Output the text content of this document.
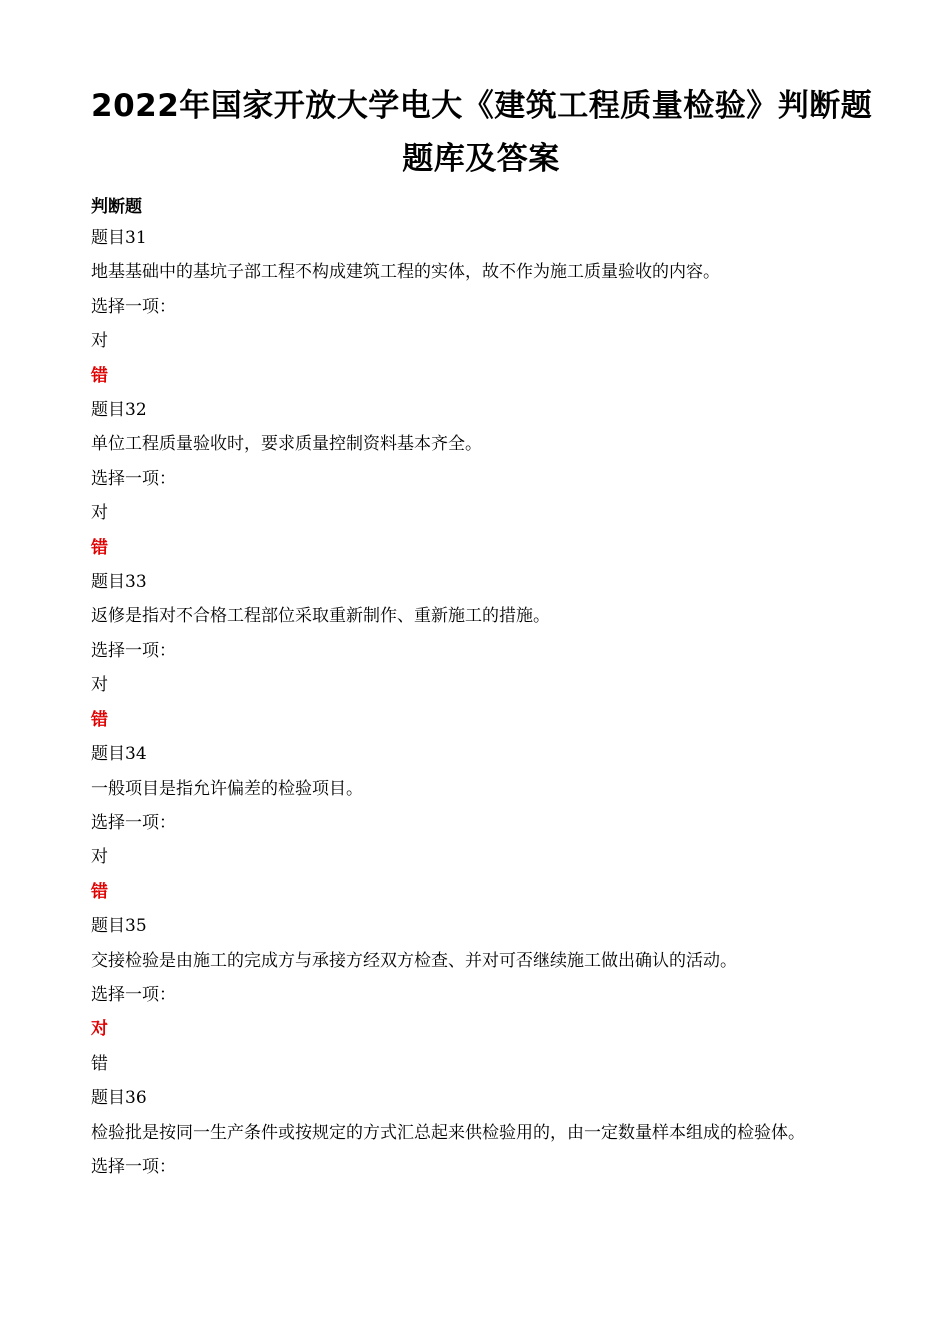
2022年国家开放大学电大《建筑工程质量检验》判断题
题库及答案
判断题
题目31
地基基础中的基坑子部工程不构成建筑工程的实体，故不作为施工质量验收的内容。
选择一项：
对
错
题目32
单位工程质量验收时，要求质量控制资料基本齐全。
选择一项：
对
错
题目33
返修是指对不合格工程部位采取重新制作、重新施工的措施。
选择一项：
对
错
题目34
一般项目是指允许偏差的检验项目。
选择一项：
对
错
题目35
交接检验是由施工的完成方与承接方经双方检查、并对可否继续施工做出确认的活动。
选择一项：
对
错
题目36
检验批是按同一生产条件或按规定的方式汇总起来供检验用的，由一定数量样本组成的检验体。
选择一项：
